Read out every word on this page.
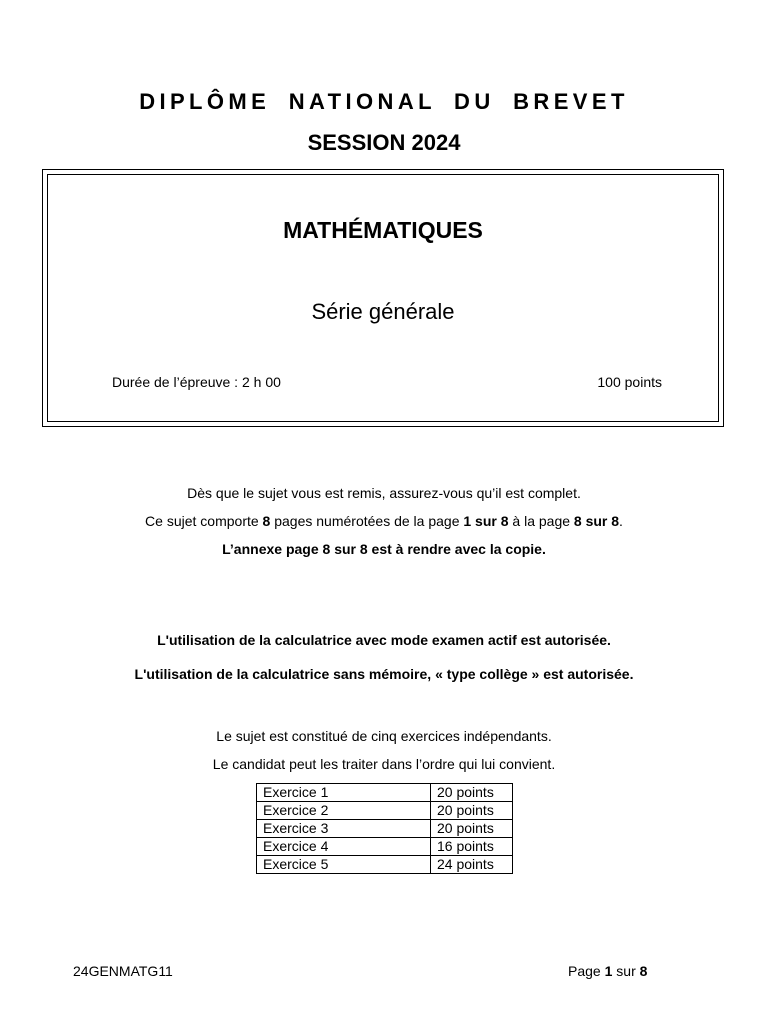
DIPLÔME NATIONAL DU BREVET
SESSION 2024
MATHÉMATIQUES
Série générale
Durée de l’épreuve : 2 h 00	100 points
Dès que le sujet vous est remis, assurez-vous qu’il est complet.
Ce sujet comporte 8 pages numérotées de la page 1 sur 8 à la page 8 sur 8.
L’annexe page 8 sur 8 est à rendre avec la copie.
L'utilisation de la calculatrice avec mode examen actif est autorisée.
L'utilisation de la calculatrice sans mémoire, « type collège » est autorisée.
Le sujet est constitué de cinq exercices indépendants.
Le candidat peut les traiter dans l’ordre qui lui convient.
Exercice 1	20 points
Exercice 2	20 points
Exercice 3	20 points
Exercice 4	16 points
Exercice 5	24 points
24GENMATG11	Page 1 sur 8
